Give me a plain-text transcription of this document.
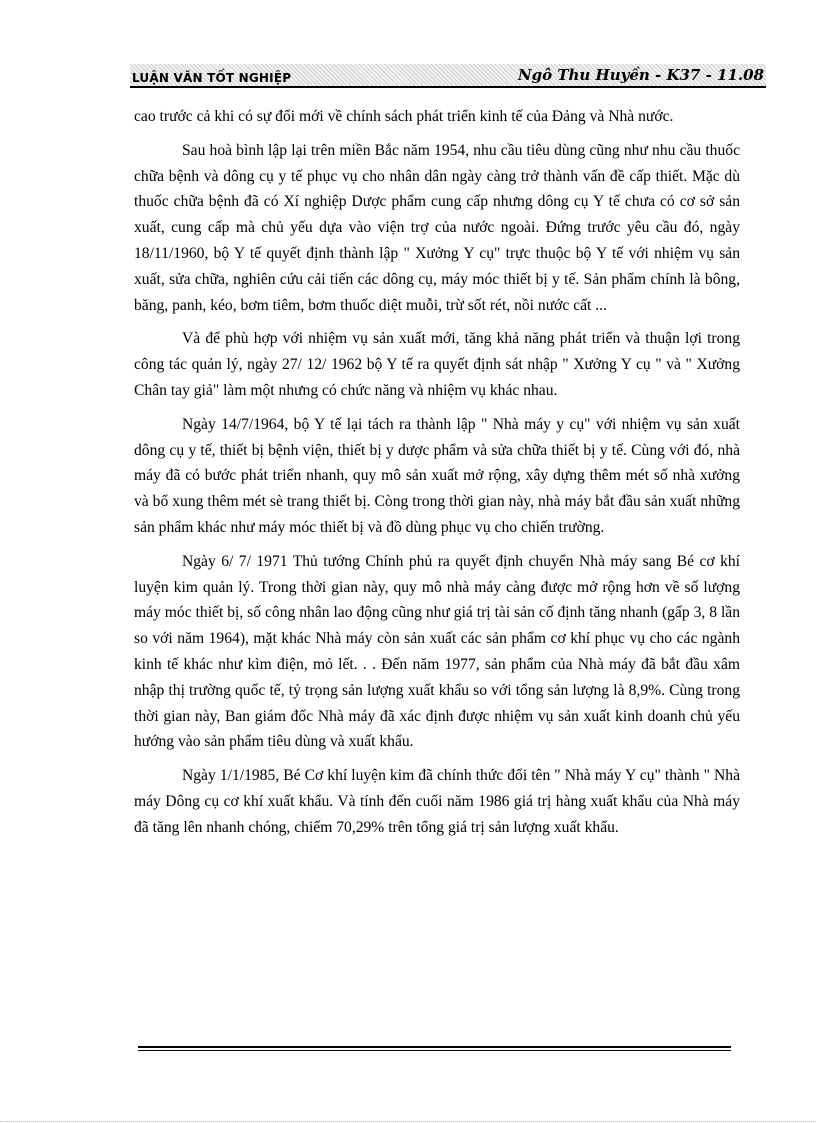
LUẬN VĂN TỐT NGHIỆP	Ngô Thu Huyền - K37 - 11.08

cao trước cả khi có sự đổi mới về chính sách phát triển kinh tế của Đảng và Nhà nước.

Sau hoà bình lập lại trên miền Bắc năm 1954, nhu cầu tiêu dùng cũng như nhu cầu thuốc chữa bệnh và dông cụ y tế phục vụ cho nhân dân ngày càng trở thành vấn đề cấp thiết. Mặc dù thuốc chữa bệnh đã có Xí nghiệp Dược phẩm cung cấp nhưng dông cụ Y tế chưa có cơ sở sản xuất, cung cấp mà chủ yếu dựa vào viện trợ của nước ngoài. Đứng trước yêu cầu đó, ngày 18/11/1960, bộ Y tế quyết định thành lập " Xưởng Y cụ" trực thuộc bộ Y tế với nhiệm vụ sản xuất, sửa chữa, nghiên cứu cải tiến các dông cụ, máy móc thiết bị y tế. Sản phẩm chính là bông, băng, panh, kéo, bơm tiêm, bơm thuốc diệt muỗi, trừ sốt rét, nồi nước cất ...

Và để phù hợp với nhiệm vụ sản xuất mới, tăng khả năng phát triển và thuận lợi trong công tác quản lý, ngày 27/ 12/ 1962 bộ Y tế ra quyết định sát nhập " Xưởng Y cụ " và " Xưởng Chân tay giả" làm một nhưng có chức năng và nhiệm vụ khác nhau.

Ngày 14/7/1964, bộ Y tế lại tách ra thành lập " Nhà máy y cụ" với nhiệm vụ sản xuất dông cụ y tế, thiết bị bệnh viện, thiết bị y dược phẩm và sửa chữa thiết bị y tế. Cùng với đó, nhà máy đã có bước phát triển nhanh, quy mô sản xuất mở rộng, xây dựng thêm mét số nhà xưởng và bổ xung thêm mét sè trang thiết bị. Còng trong thời gian này, nhà máy bắt đầu sản xuất những sản phẩm khác như máy móc thiết bị và đồ dùng phục vụ cho chiến trường.

Ngày 6/ 7/ 1971 Thủ tướng Chính phủ ra quyết định chuyển Nhà máy sang Bé cơ khí luyện kim quản lý. Trong thời gian này, quy mô nhà máy càng được mở rộng hơn về số lượng máy móc thiết bị, số công nhân lao động cũng như giá trị tài sản cố định tăng nhanh (gấp 3, 8 lần so với năm 1964), mặt khác Nhà máy còn sản xuất các sản phẩm cơ khí phục vụ cho các ngành kinh tế khác như kìm điện, mỏ lết. . . Đến năm 1977, sản phẩm của Nhà máy đã bắt đầu xâm nhập thị trường quốc tế, tỷ trọng sản lượng xuất khẩu so với tổng sản lượng là 8,9%. Cùng trong thời gian này, Ban giám đốc Nhà máy đã xác định được nhiệm vụ sản xuất kinh doanh chủ yếu hướng vào sản phẩm tiêu dùng và xuất khẩu.

Ngày 1/1/1985, Bé Cơ khí luyện kim đã chính thức đổi tên " Nhà máy Y cụ" thành " Nhà máy Dông cụ cơ khí xuất khẩu. Và tính đến cuối năm 1986 giá trị hàng xuất khẩu của Nhà máy đã tăng lên nhanh chóng, chiếm 70,29% trên tổng giá trị sản lượng xuất khẩu.
